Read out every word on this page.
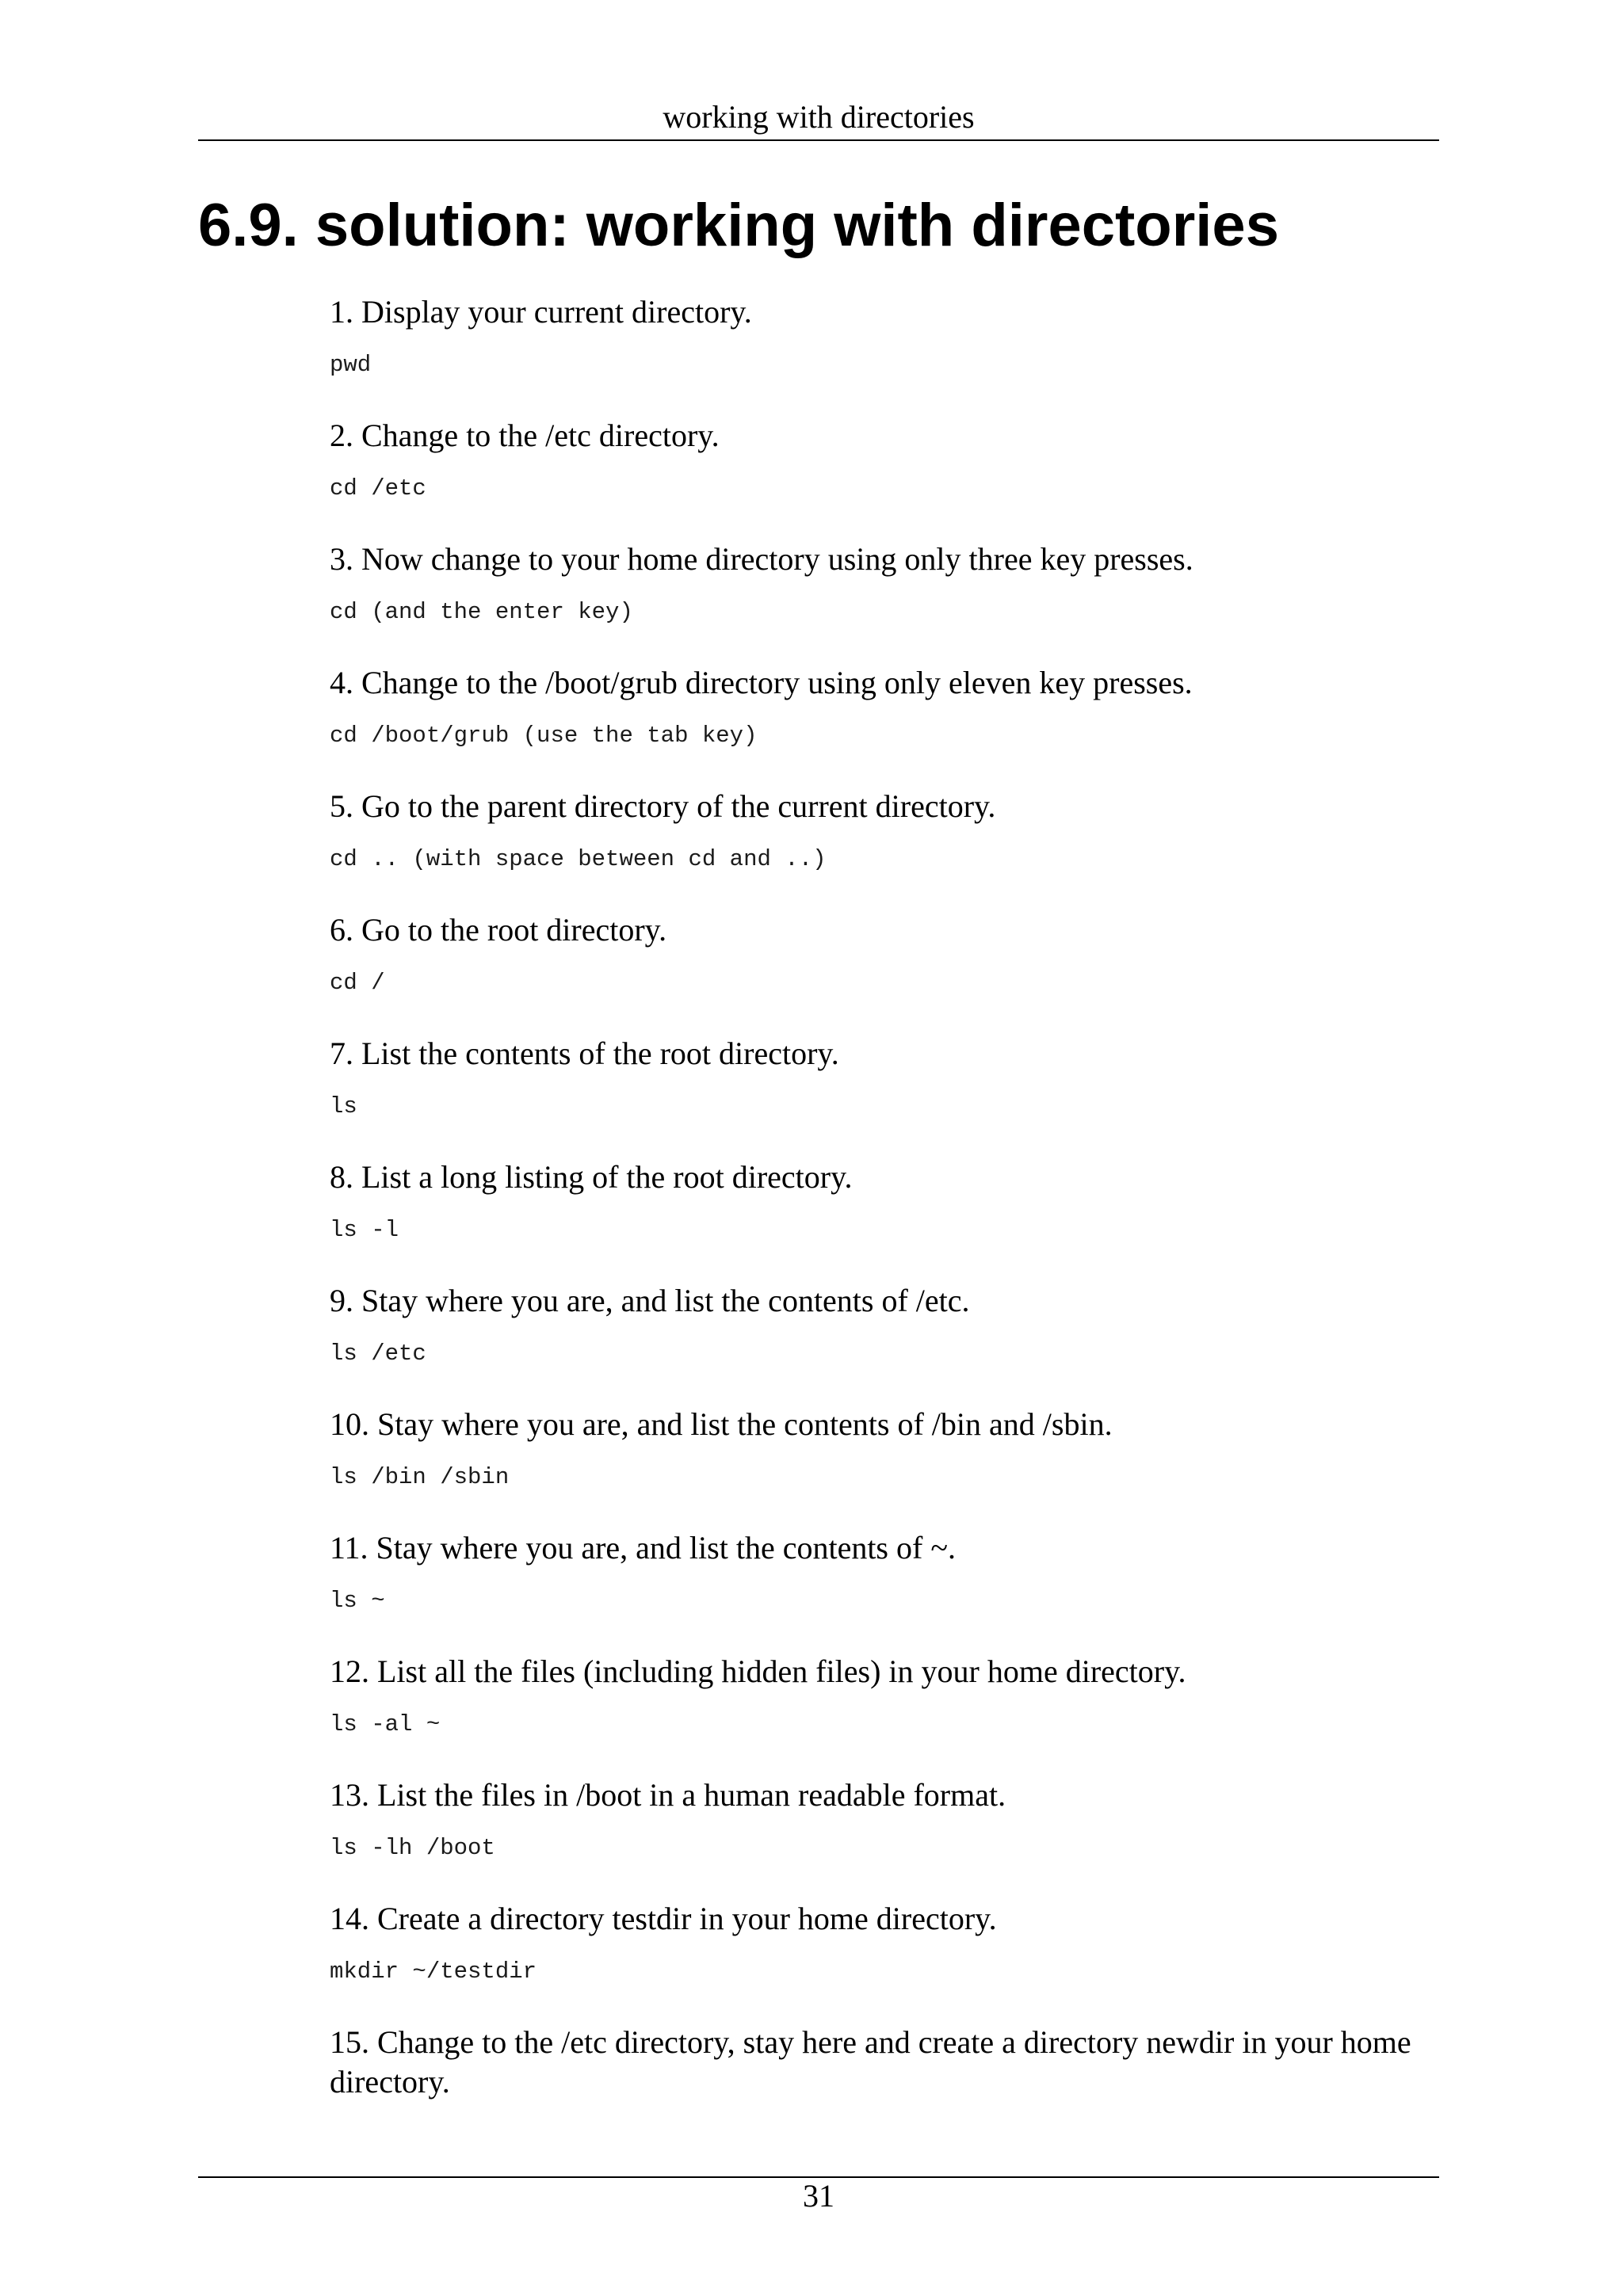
working with directories
6.9. solution: working with directories
1. Display your current directory.
pwd
2. Change to the /etc directory.
cd /etc
3. Now change to your home directory using only three key presses.
cd (and the enter key)
4. Change to the /boot/grub directory using only eleven key presses.
cd /boot/grub (use the tab key)
5. Go to the parent directory of the current directory.
cd .. (with space between cd and ..)
6. Go to the root directory.
cd /
7. List the contents of the root directory.
ls
8. List a long listing of the root directory.
ls -l
9. Stay where you are, and list the contents of /etc.
ls /etc
10. Stay where you are, and list the contents of /bin and /sbin.
ls /bin /sbin
11. Stay where you are, and list the contents of ~.
ls ~
12. List all the files (including hidden files) in your home directory.
ls -al ~
13. List the files in /boot in a human readable format.
ls -lh /boot
14. Create a directory testdir in your home directory.
mkdir ~/testdir
15. Change to the /etc directory, stay here and create a directory newdir in your home directory.
31
